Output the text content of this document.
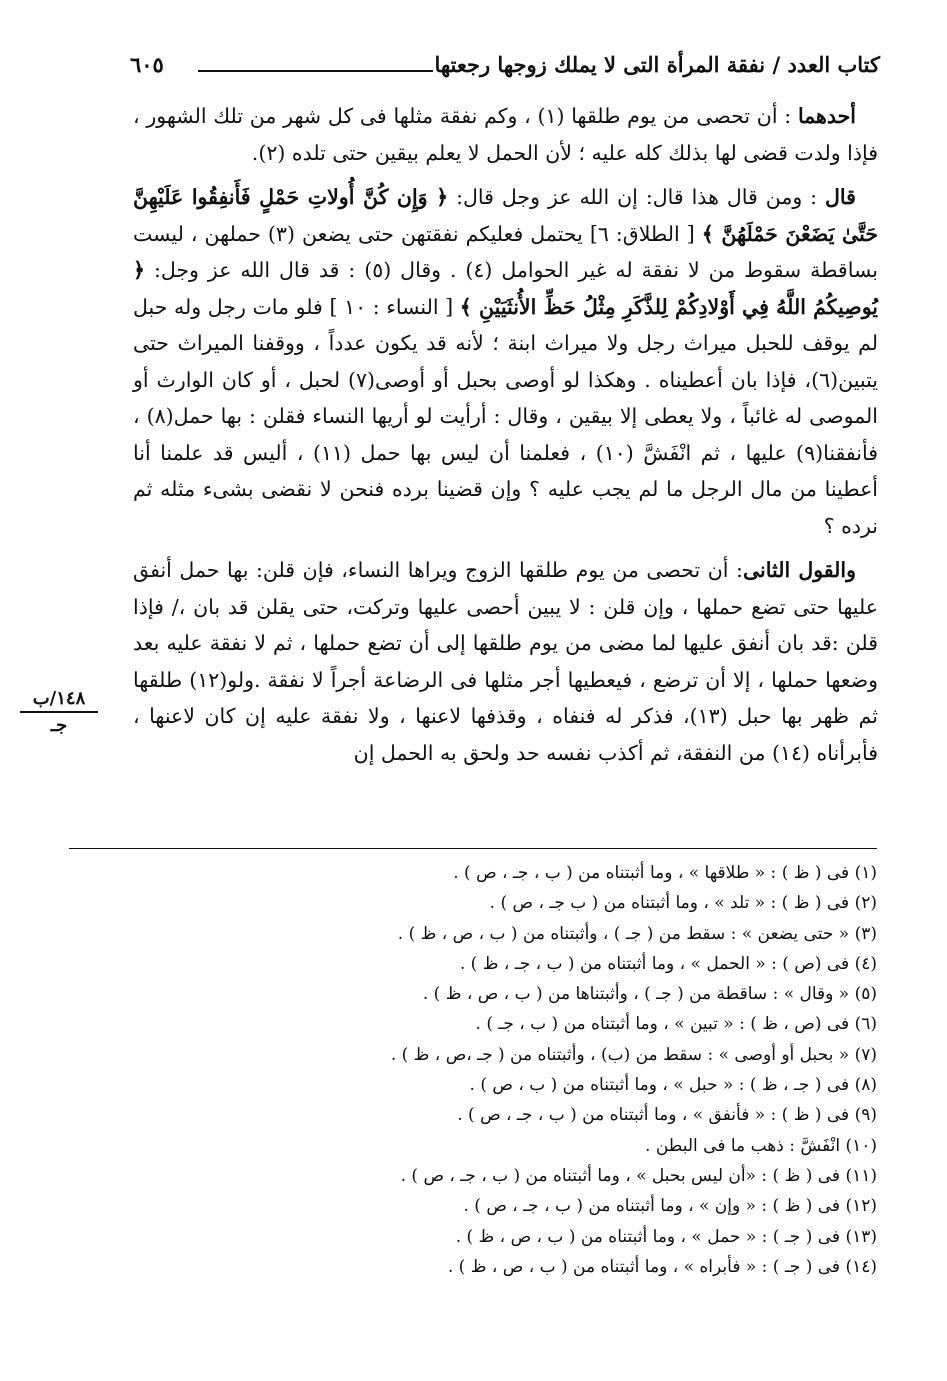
كتاب العدد / نفقة المرأة التى لا يملك زوجها رجعتها
٦٠٥

أحدهما : أن تحصى من يوم طلقها (١) ، وكم نفقة مثلها فى كل شهر من تلك الشهور ، فإذا ولدت قضى لها بذلك كله عليه ؛ لأن الحمل لا يعلم بيقين حتى تلده (٢).

قال : ومن قال هذا قال: إن الله عز وجل قال: ﴿ وَإِن كُنَّ أُولاتِ حَمْلٍ فَأَنفِقُوا عَلَيْهِنَّ حَتَّىٰ يَضَعْنَ حَمْلَهُنَّ ﴾ [ الطلاق: ٦] يحتمل فعليكم نفقتهن حتى يضعن (٣) حملهن ، ليست بساقطة سقوط من لا نفقة له غير الحوامل (٤) . وقال (٥) : قد قال الله عز وجل: ﴿ يُوصِيكُمُ اللَّهُ فِي أَوْلادِكُمْ لِلذَّكَرِ مِثْلُ حَظِّ الأُنثَيَيْنِ ﴾ [ النساء : ١٠ ] فلو مات رجل وله حبل لم يوقف للحبل ميراث رجل ولا ميراث ابنة ؛ لأنه قد يكون عدداً ، ووقفنا الميراث حتى يتبين(٦)، فإذا بان أعطيناه . وهكذا لو أوصى بحبل أو أوصى(٧) لحبل ، أو كان الوارث أو الموصى له غائباً ، ولا يعطى إلا بيقين ، وقال : أرأيت لو أريها النساء فقلن : بها حمل(٨) ، فأنفقنا(٩) عليها ، ثم انْفَشَّ (١٠) ، فعلمنا أن ليس بها حمل (١١) ، أليس قد علمنا أنا أعطينا من مال الرجل ما لم يجب عليه ؟ وإن قضينا برده فنحن لا نقضى بشىء مثله ثم نرده ؟

والقول الثانى: أن تحصى من يوم طلقها الزوج ويراها النساء، فإن قلن: بها حمل أنفق عليها حتى تضع حملها ، وإن قلن : لا يبين أحصى عليها وتركت، حتى يقلن قد بان ،/ فإذا قلن :قد بان أنفق عليها لما مضى من يوم طلقها إلى أن تضع حملها ، ثم لا نفقة عليه بعد وضعها حملها ، إلا أن ترضع ، فيعطيها أجر مثلها فى الرضاعة أجراً لا نفقة .ولو(١٢) طلقها ثم ظهر بها حبل (١٣)، فذكر له فنفاه ، وقذفها لاعنها ، ولا نفقة عليه إن كان لاعنها ، فأبرأناه (١٤) من النفقة، ثم أكذب نفسه حد ولحق به الحمل إن

١٤٨/ب
جـ
(١) فى ( ظ ) : « طلاقها » ، وما أثبتناه من ( ب ، جـ ، ص ) .
(٢) فى ( ظ ) : « تلد » ، وما أثبتناه من ( ب جـ ، ص ) .
(٣) « حتى يضعن » : سقط من ( جـ ) ، وأثبتناه من ( ب ، ص ، ظ ) .
(٤) فى (ص ) : « الحمل » ، وما أثبتناه من ( ب ، جـ ، ظ ) .
(٥) « وقال » : ساقطة من ( جـ ) ، وأثبتناها من ( ب ، ص ، ظ ) .
(٦) فى (ص ، ظ ) : « تبين » ، وما أثبتناه من ( ب ، جـ ) .
(٧) « بحبل أو أوصى » : سقط من (ب) ، وأثبتناه من ( جـ ،ص ، ظ ) .
(٨) فى ( جـ ، ظ ) : « حبل » ، وما أثبتناه من ( ب ، ص ) .
(٩) فى ( ظ ) : « فأنفق » ، وما أثبتناه من ( ب ، جـ ، ص ) .
(١٠) انْفَشَّ : ذهب ما فى البطن .
(١١) فى ( ظ ) : «أن ليس بحبل » ، وما أثبتناه من ( ب ، جـ ، ص ) .
(١٢) فى ( ظ ) : « وإن » ، وما أثبتناه من ( ب ، جـ ، ص ) .
(١٣) فى ( جـ ) : « حمل » ، وما أثبتناه من ( ب ، ص ، ظ ) .
(١٤) فى ( جـ ) : « فأبراه » ، وما أثبتناه من ( ب ، ص ، ظ ) .
